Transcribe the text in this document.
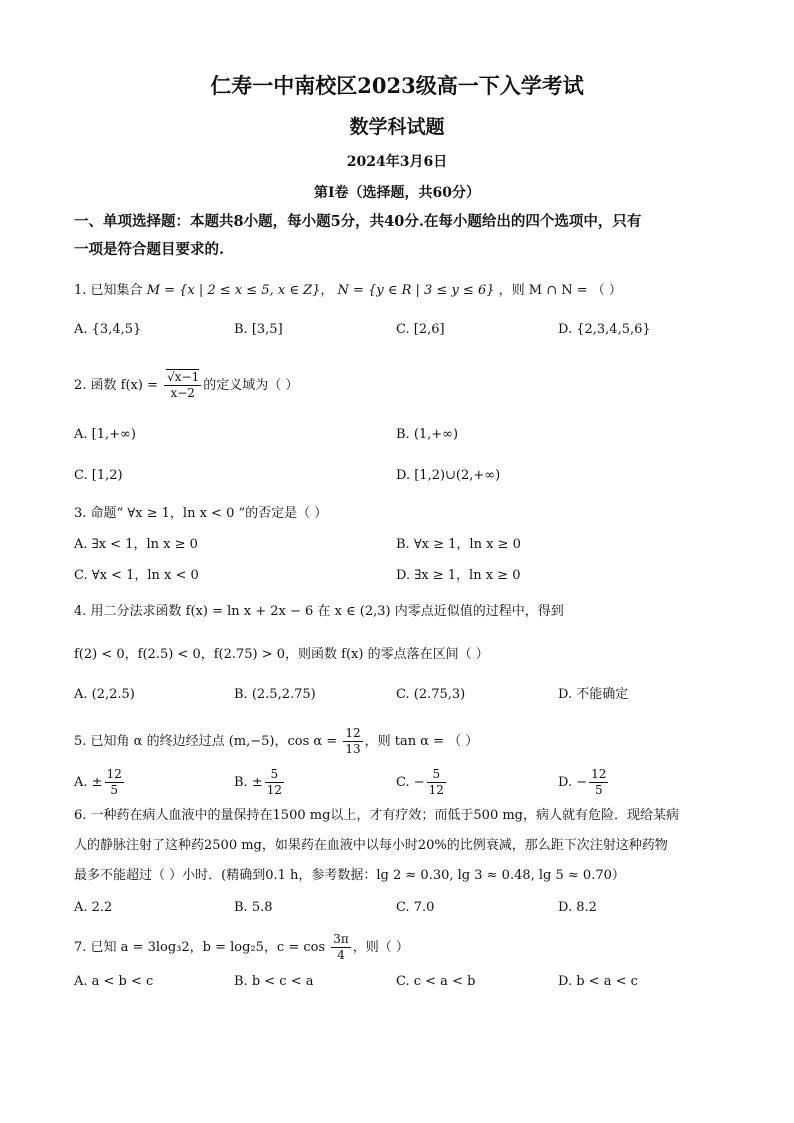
仁寿一中南校区2023级高一下入学考试
数学科试题
2024年3月6日
第Ⅰ卷（选择题，共60分）
一、单项选择题：本题共8小题，每小题5分，共40分.在每小题给出的四个选项中，只有
一项是符合题目要求的.
1. 已知集合 M = {x | 2 ≤ x ≤ 5, x ∈ Z}， N = {y ∈ R | 3 ≤ y ≤ 6} ，则 M ∩ N = （ ）
A. {3,4,5}	B. [3,5]	C. [2,6]	D. {2,3,4,5,6}
2. 函数 $f(x) = \frac{√x-1}{x-2}$ 的定义域为（ ）
A. [1,+∞)	B. (1,+∞)
C. [1,2)	D. [1,2)∪(2,+∞)
3. 命题“ ∀x ≥ 1，ln x < 0 ”的否定是（ ）
A. ∃x < 1，ln x ≥ 0	B. ∀x ≥ 1，ln x ≥ 0
C. ∀x < 1，ln x < 0	D. ∃x ≥ 1，ln x ≥ 0
4. 用二分法求函数 f(x) = ln x + 2x − 6 在 x ∈ (2,3) 内零点近似值的过程中，得到
f(2) < 0，f(2.5) < 0，f(2.75) > 0，则函数 f(x) 的零点落在区间（ ）
A. (2,2.5)	B. (2.5,2.75)	C. (2.75,3)	D. 不能确定
5. 已知角 α 的终边经过点 (m,−5)，$\cos \alpha = \frac{12}{13}$ ，则 tan α = （ ）
A. ± $\frac{12}{5}$	B. ± $\frac{5}{12}$	C. − $\frac{5}{12}$	D. − $\frac{12}{5}$
6. 一种药在病人血液中的量保持在1500 mg以上，才有疗效；而低于500 mg，病人就有危险．现给某病
人的静脉注射了这种药2500 mg，如果药在血液中以每小时20%的比例衰减，那么距下次注射这种药物
最多不能超过（ ）小时．(精确到0.1 h，参考数据：lg 2 ≈ 0.30, lg 3 ≈ 0.48, lg 5 ≈ 0.70）
A. 2.2	B. 5.8	C. 7.0	D. 8.2
7. 已知 a = 3log₃2，b = log₂5，$c = \cos \frac{3\pi}{4}$ ，则（ ）
A. a < b < c	B. b < c < a	C. c < a < b	D. b < a < c
